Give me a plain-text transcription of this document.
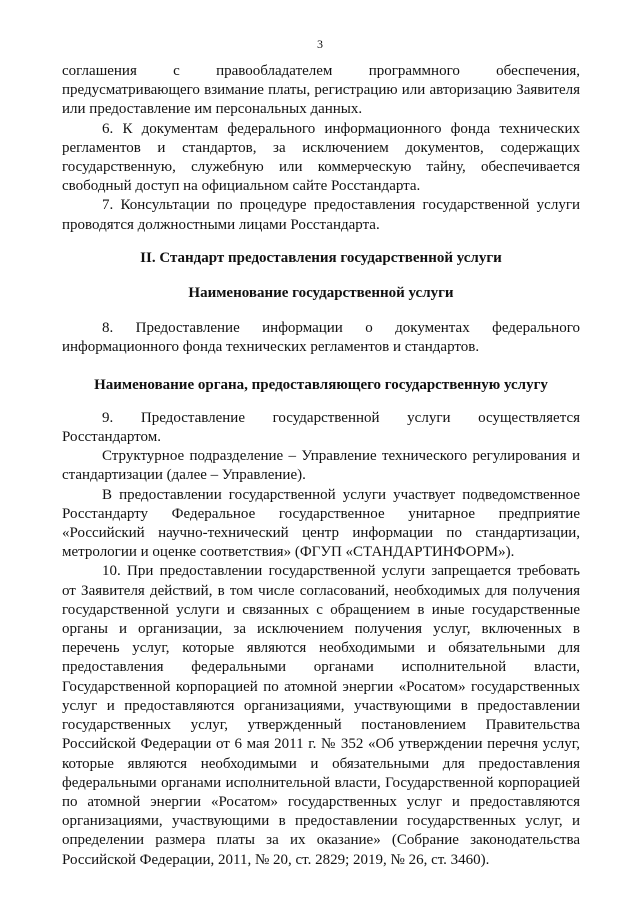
3

соглашения с правообладателем программного обеспечения, предусматривающего взимание платы, регистрацию или авторизацию Заявителя или предоставление им персональных данных.

6. К документам федерального информационного фонда технических регламентов и стандартов, за исключением документов, содержащих государственную, служебную или коммерческую тайну, обеспечивается свободный доступ на официальном сайте Росстандарта.

7. Консультации по процедуре предоставления государственной услуги проводятся должностными лицами Росстандарта.

II. Стандарт предоставления государственной услуги
Наименование государственной услуги

8. Предоставление информации о документах федерального информационного фонда технических регламентов и стандартов.

Наименование органа, предоставляющего государственную услугу

9. Предоставление государственной услуги осуществляется Росстандартом.

Структурное подразделение – Управление технического регулирования и стандартизации (далее – Управление).

В предоставлении государственной услуги участвует подведомственное Росстандарту Федеральное государственное унитарное предприятие «Российский научно-технический центр информации по стандартизации, метрологии и оценке соответствия» (ФГУП «СТАНДАРТИНФОРМ»).

10. При предоставлении государственной услуги запрещается требовать от Заявителя действий, в том числе согласований, необходимых для получения государственной услуги и связанных с обращением в иные государственные органы и организации, за исключением получения услуг, включенных в перечень услуг, которые являются необходимыми и обязательными для предоставления федеральными органами исполнительной власти, Государственной корпорацией по атомной энергии «Росатом» государственных услуг и предоставляются организациями, участвующими в предоставлении государственных услуг, утвержденный постановлением Правительства Российской Федерации от 6 мая 2011 г. № 352 «Об утверждении перечня услуг, которые являются необходимыми и обязательными для предоставления федеральными органами исполнительной власти, Государственной корпорацией по атомной энергии «Росатом» государственных услуг и предоставляются организациями, участвующими в предоставлении государственных услуг, и определении размера платы за их оказание» (Собрание законодательства Российской Федерации, 2011, № 20, ст. 2829; 2019, № 26, ст. 3460).
